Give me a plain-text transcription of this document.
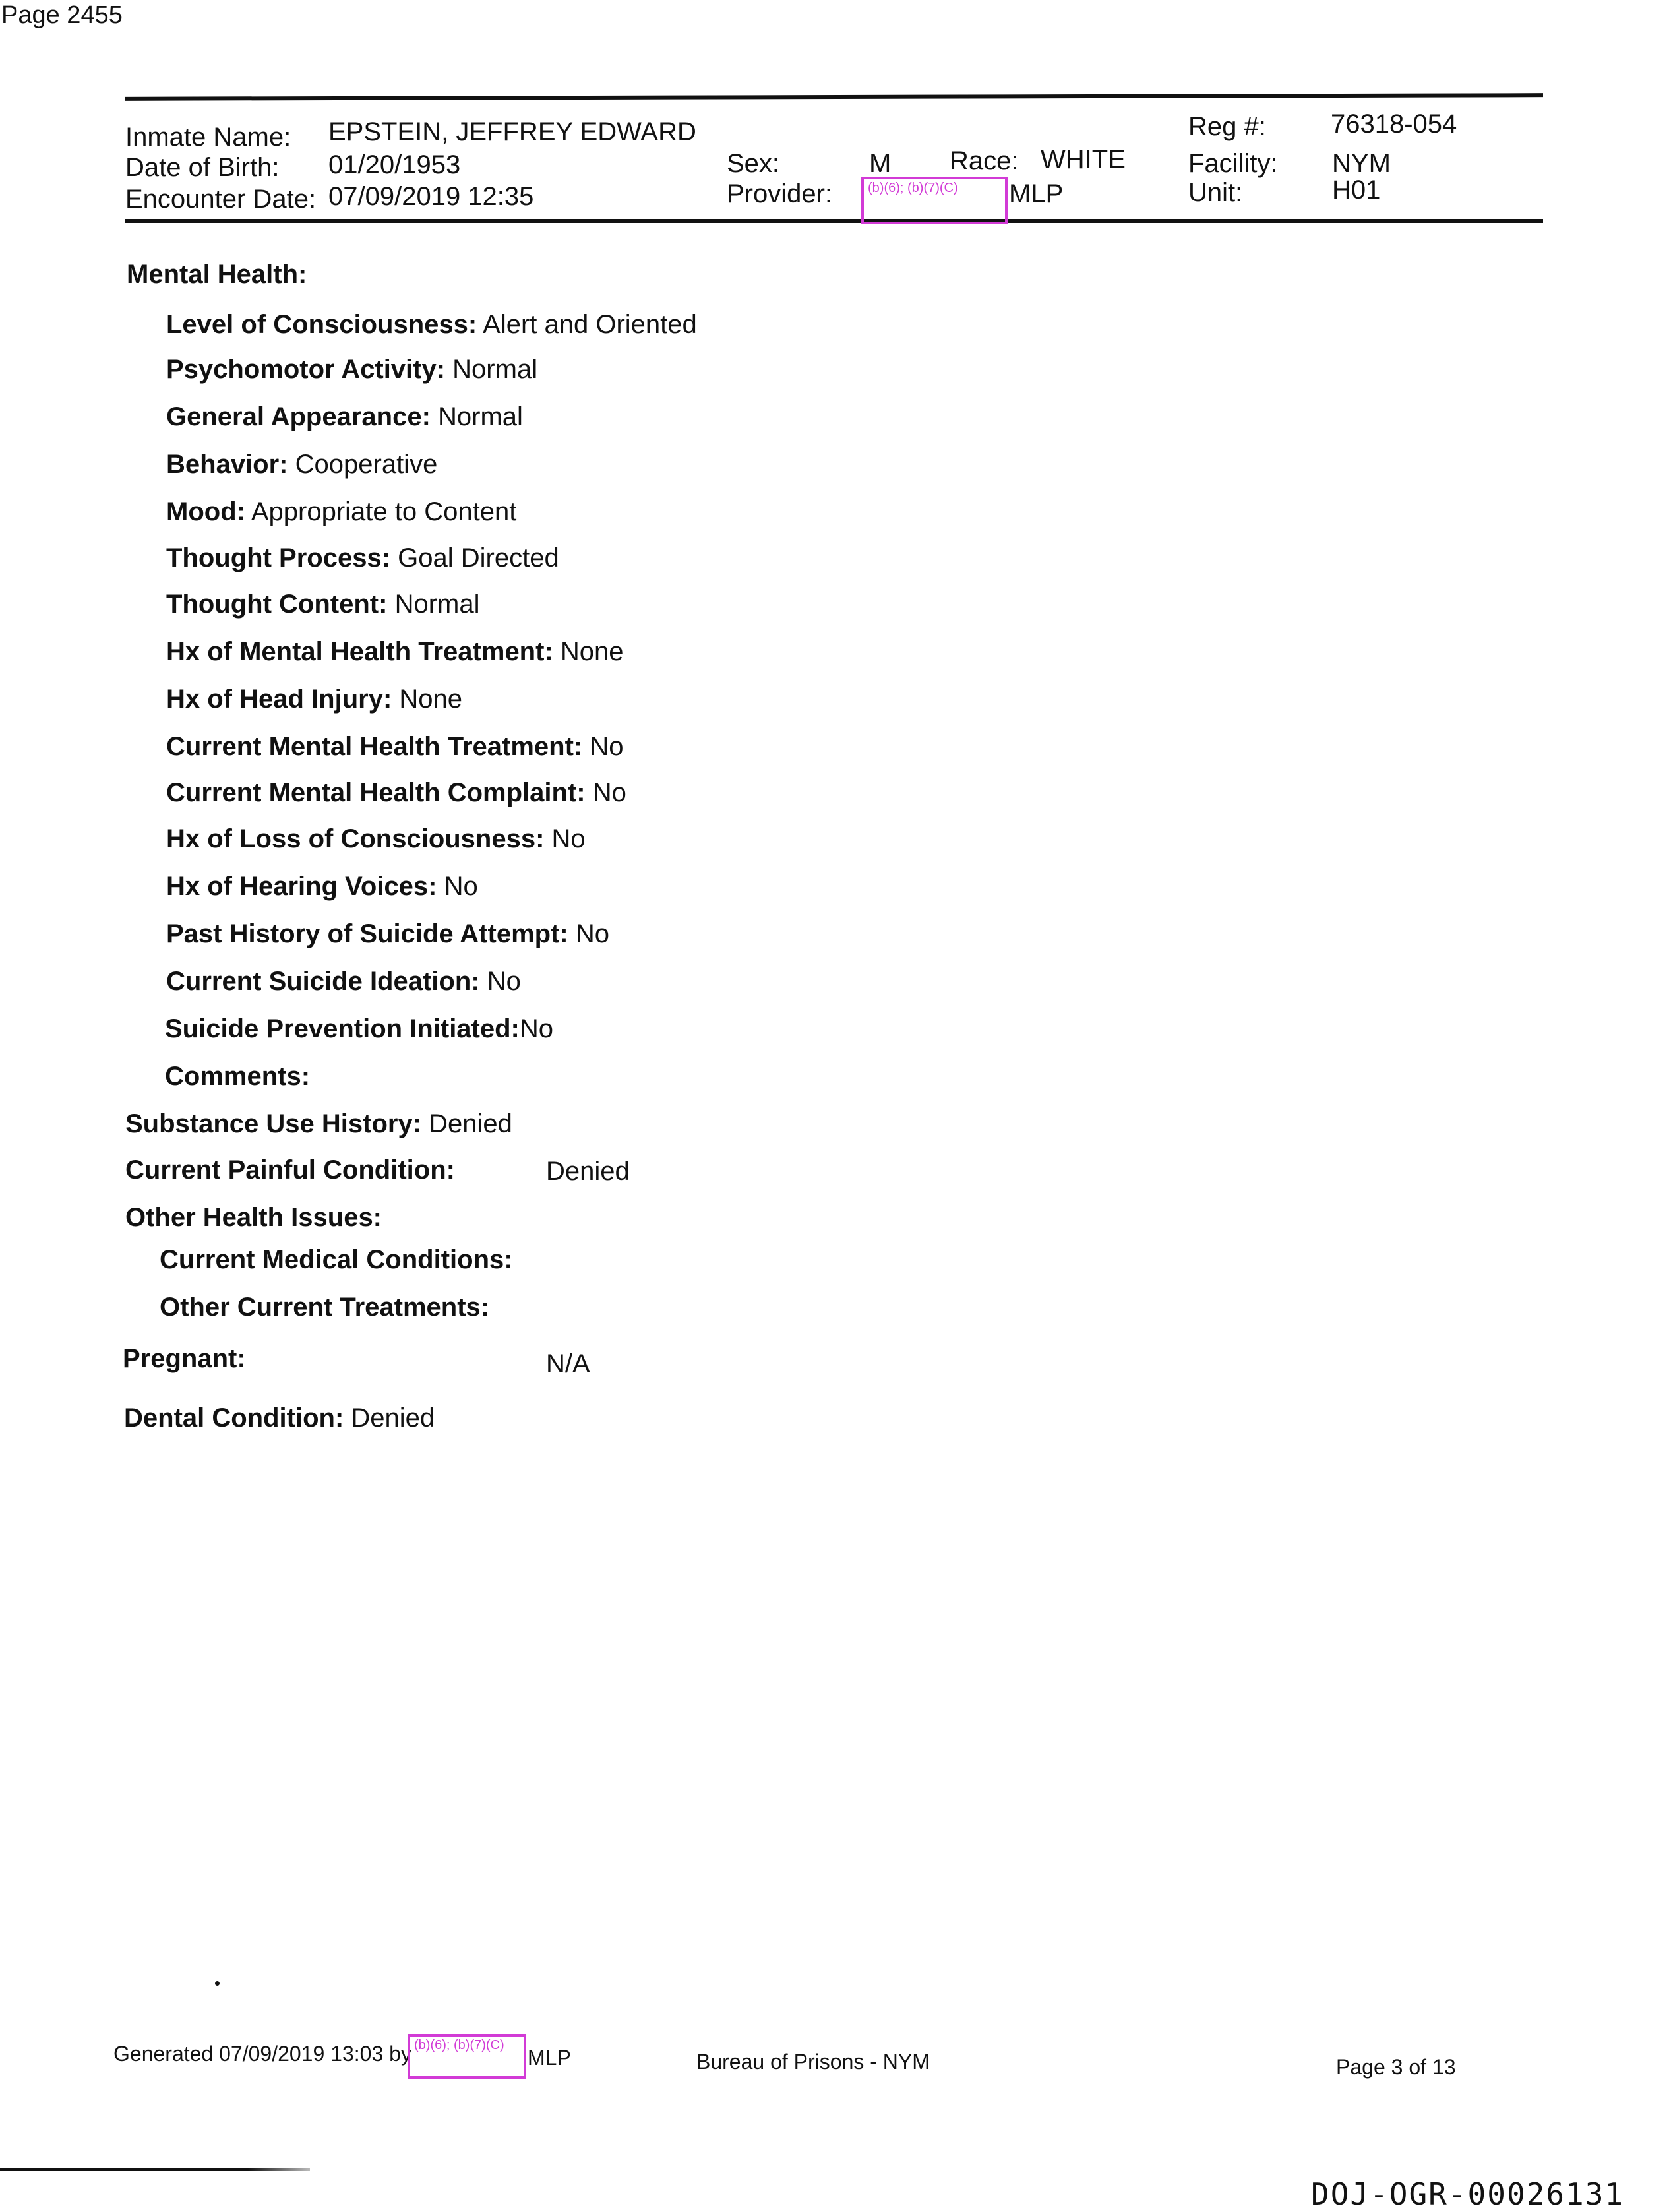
Page 2455
Inmate Name: EPSTEIN, JEFFREY EDWARD
Date of Birth: 01/20/1953
Encounter Date: 07/09/2019 12:35
Sex:	M Race: WHITE
Provider:	(b)(6); (b)(7)(C)	MLP
Reg #: 76318-054
Facility: NYM
Unit:	H01
Mental Health:
Level of Consciousness: Alert and Oriented
Psychomotor Activity: Normal
General Appearance: Normal
Behavior: Cooperative
Mood: Appropriate to Content
Thought Process: Goal Directed
Thought Content: Normal
Hx of Mental Health Treatment: None
Hx of Head Injury: None
Current Mental Health Treatment: No
Current Mental Health Complaint: No
Hx of Loss of Consciousness: No
Hx of Hearing Voices: No
Past History of Suicide Attempt: No
Current Suicide Ideation: No
Suicide Prevention Initiated:No
Comments:
Substance Use History: Denied
Current Painful Condition:	Denied
Other Health Issues:
Current Medical Conditions:
Other Current Treatments:
Pregnant:	N/A
Dental Condition: Denied
Generated 07/09/2019 13:03 by (b)(6); (b)(7)(C)
MLP	Bureau of Prisons - NYM	Page 3 of 13
DOJ-OGR-00026131
